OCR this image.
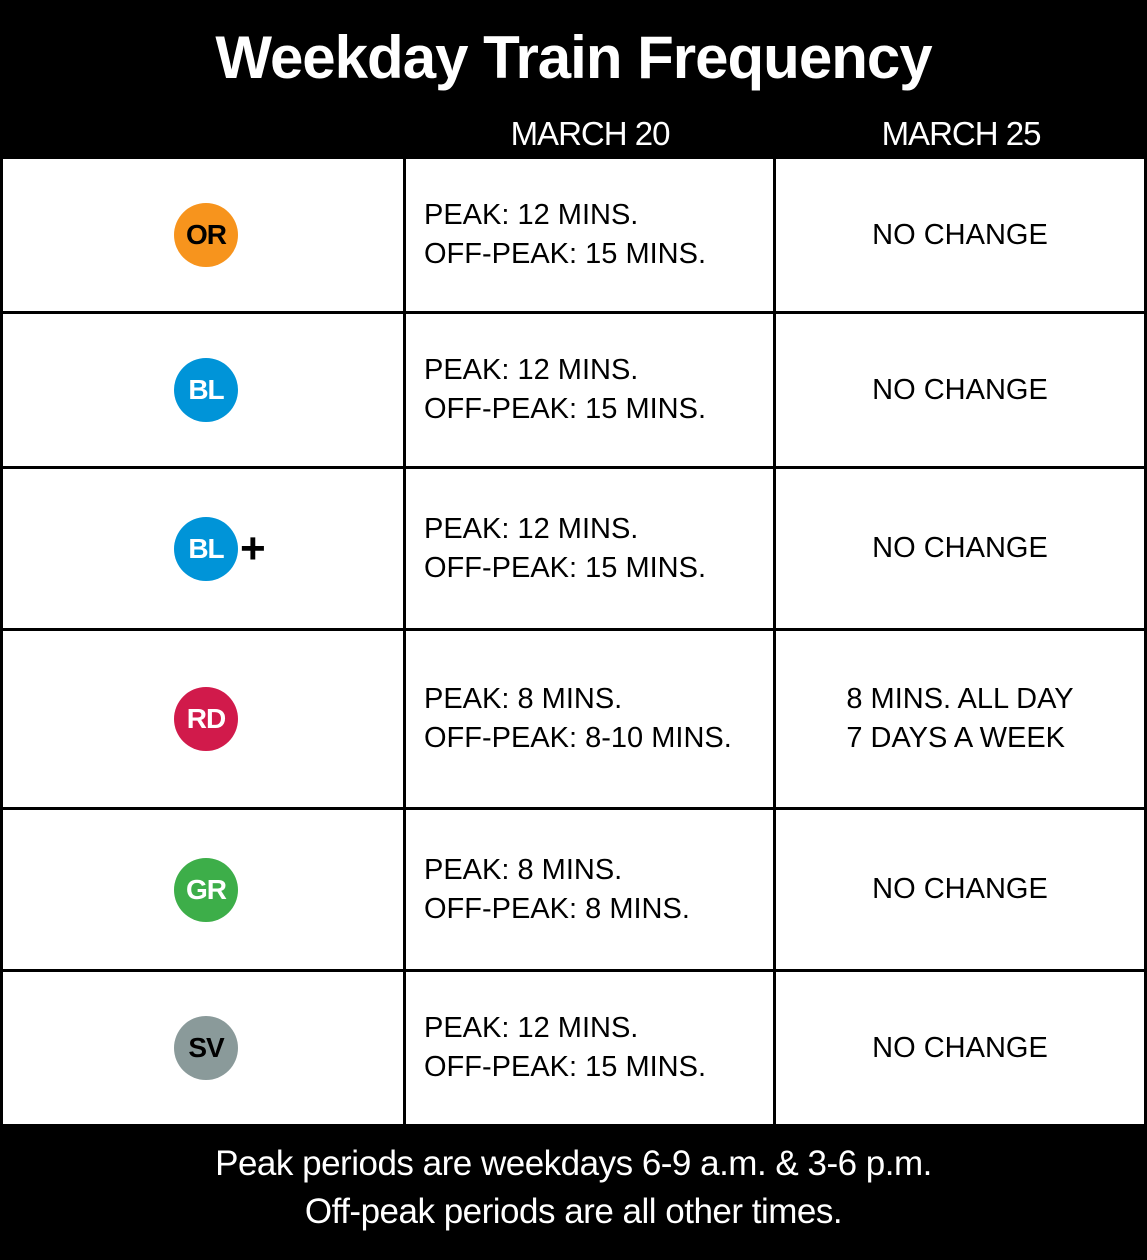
Weekday Train Frequency
MARCH 20	MARCH 25
OR
PEAK: 12 MINS.
OFF-PEAK: 15 MINS.
NO CHANGE
BL
PEAK: 12 MINS.
OFF-PEAK: 15 MINS.
NO CHANGE
BL +	PEAK: 12 MINS.
OFF-PEAK: 15 MINS.
NO CHANGE
RD
PEAK: 8 MINS.
OFF-PEAK: 8-10 MINS.
8 MINS. ALL DAY
7 DAYS A WEEK
GR
PEAK: 8 MINS.
OFF-PEAK: 8 MINS.
NO CHANGE
SV
PEAK: 12 MINS.
OFF-PEAK: 15 MINS.
NO CHANGE
Peak periods are weekdays 6-9 a.m. & 3-6 p.m.
Off-peak periods are all other times.
